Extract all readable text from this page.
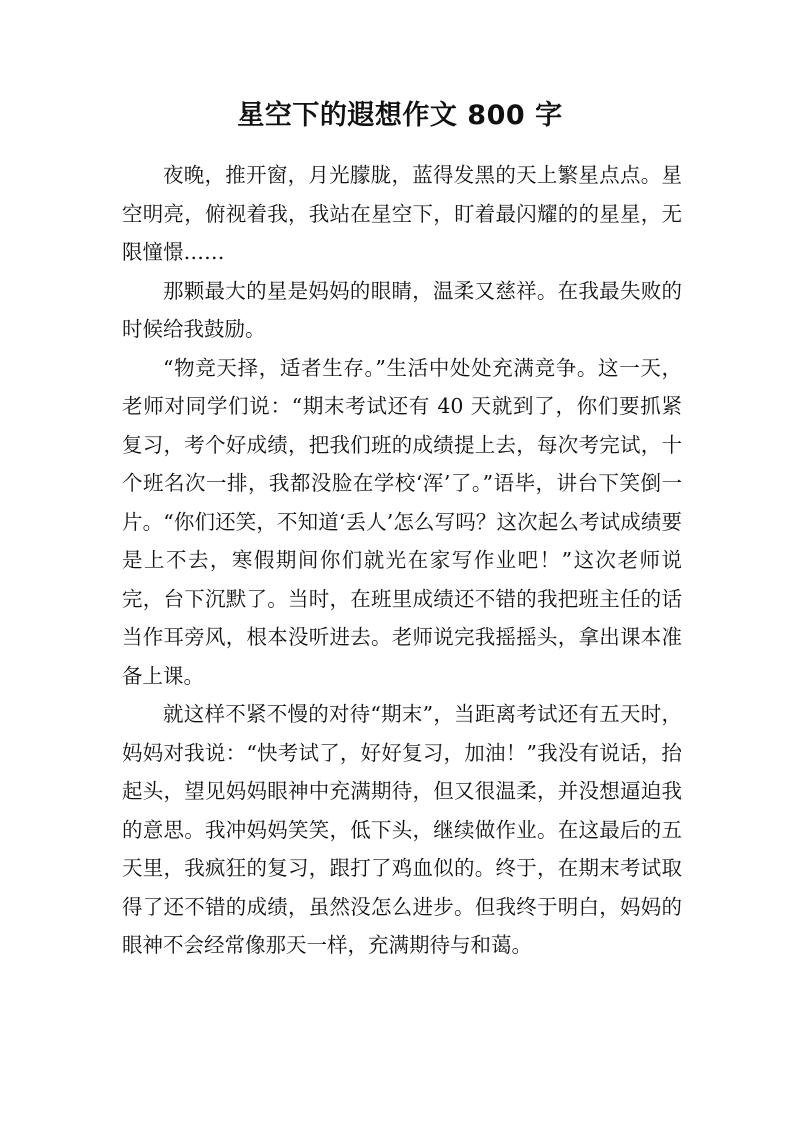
星空下的遐想作文 800 字

夜晚，推开窗，月光朦胧，蓝得发黑的天上繁星点点。星空明亮，俯视着我，我站在星空下，盯着最闪耀的的星星，无限憧憬……

那颗最大的星是妈妈的眼睛，温柔又慈祥。在我最失败的时候给我鼓励。

“物竞天择，适者生存。”生活中处处充满竞争。这一天，老师对同学们说：“期末考试还有 40 天就到了，你们要抓紧复习，考个好成绩，把我们班的成绩提上去，每次考完试，十个班名次一排，我都没脸在学校‘浑’了。”语毕，讲台下笑倒一片。“你们还笑，不知道‘丢人’怎么写吗？这次起么考试成绩要是上不去，寒假期间你们就光在家写作业吧！”这次老师说完，台下沉默了。当时，在班里成绩还不错的我把班主任的话当作耳旁风，根本没听进去。老师说完我摇摇头，拿出课本准备上课。

就这样不紧不慢的对待“期末”，当距离考试还有五天时，妈妈对我说：“快考试了，好好复习，加油！”我没有说话，抬起头，望见妈妈眼神中充满期待，但又很温柔，并没想逼迫我的意思。我冲妈妈笑笑，低下头，继续做作业。在这最后的五天里，我疯狂的复习，跟打了鸡血似的。终于，在期末考试取得了还不错的成绩，虽然没怎么进步。但我终于明白，妈妈的眼神不会经常像那天一样，充满期待与和蔼。
